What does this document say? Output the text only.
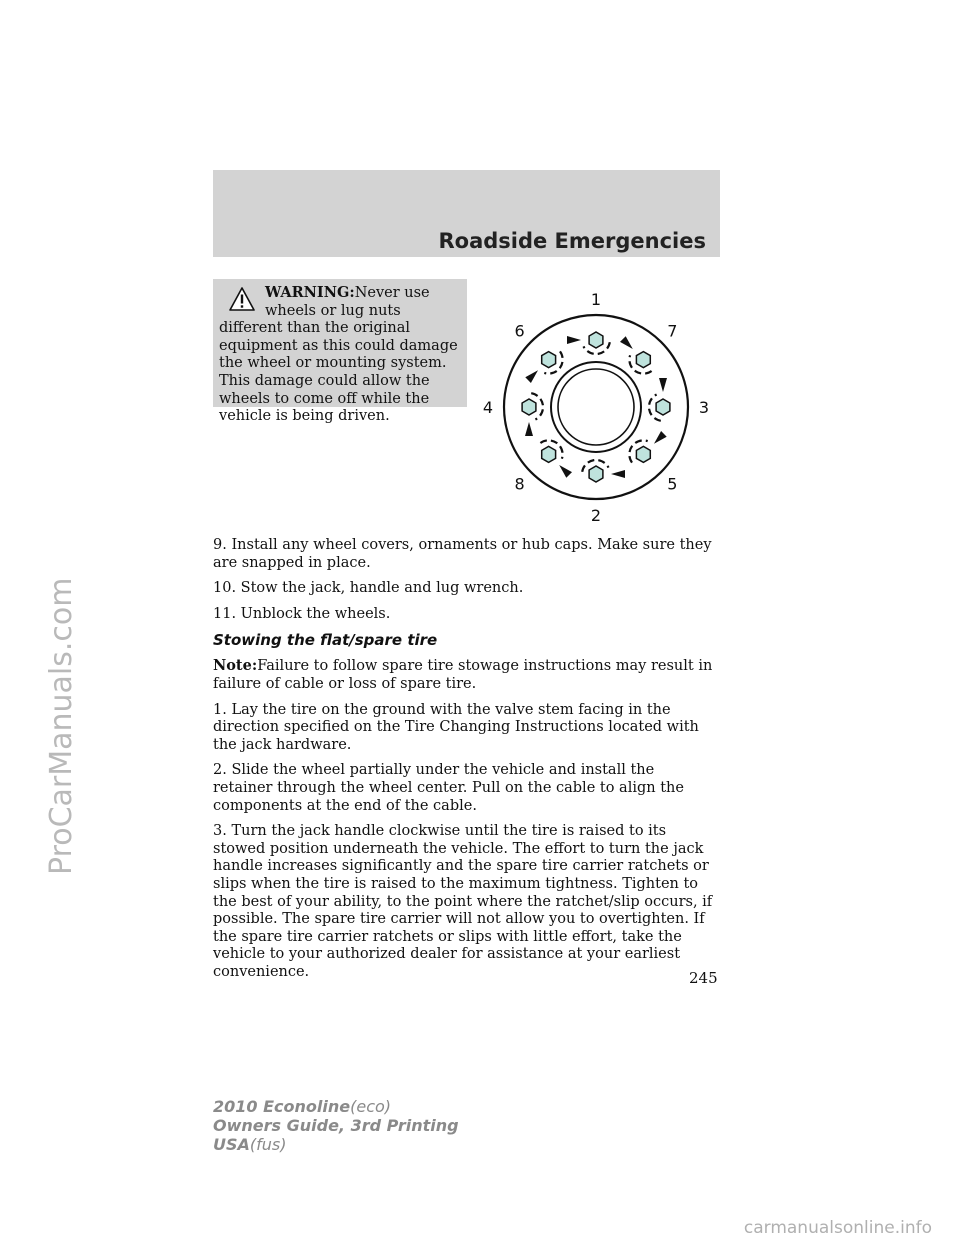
ProCarManuals.com
Roadside Emergencies
WARNING:Never use
wheels or lug nuts different than the original equipment as this could damage the wheel or mounting system. This damage could allow the wheels to come off while the vehicle is being driven.
1
2
3
4
5
6	7
8

9. Install any wheel covers, ornaments or hub caps. Make sure they are snapped in place.

10. Stow the jack, handle and lug wrench.

11. Unblock the wheels.

Stowing the flat/spare tire

Note:Failure to follow spare tire stowage instructions may result in failure of cable or loss of spare tire.

1. Lay the tire on the ground with the valve stem facing in the direction specified on the Tire Changing Instructions located with the jack hardware.

2. Slide the wheel partially under the vehicle and install the retainer through the wheel center. Pull on the cable to align the components at the end of the cable.

3. Turn the jack handle clockwise until the tire is raised to its stowed position underneath the vehicle. The effort to turn the jack handle increases significantly and the spare tire carrier ratchets or slips when the tire is raised to the maximum tightness. Tighten to the best of your ability, to the point where the ratchet/slip occurs, if possible. The spare tire carrier will not allow you to overtighten. If the spare tire carrier ratchets or slips with little effort, take the vehicle to your authorized dealer for assistance at your earliest convenience.	245
2010 Econoline(eco)
Owners Guide, 3rd Printing
USA(fus)
carmanualsonline.info
